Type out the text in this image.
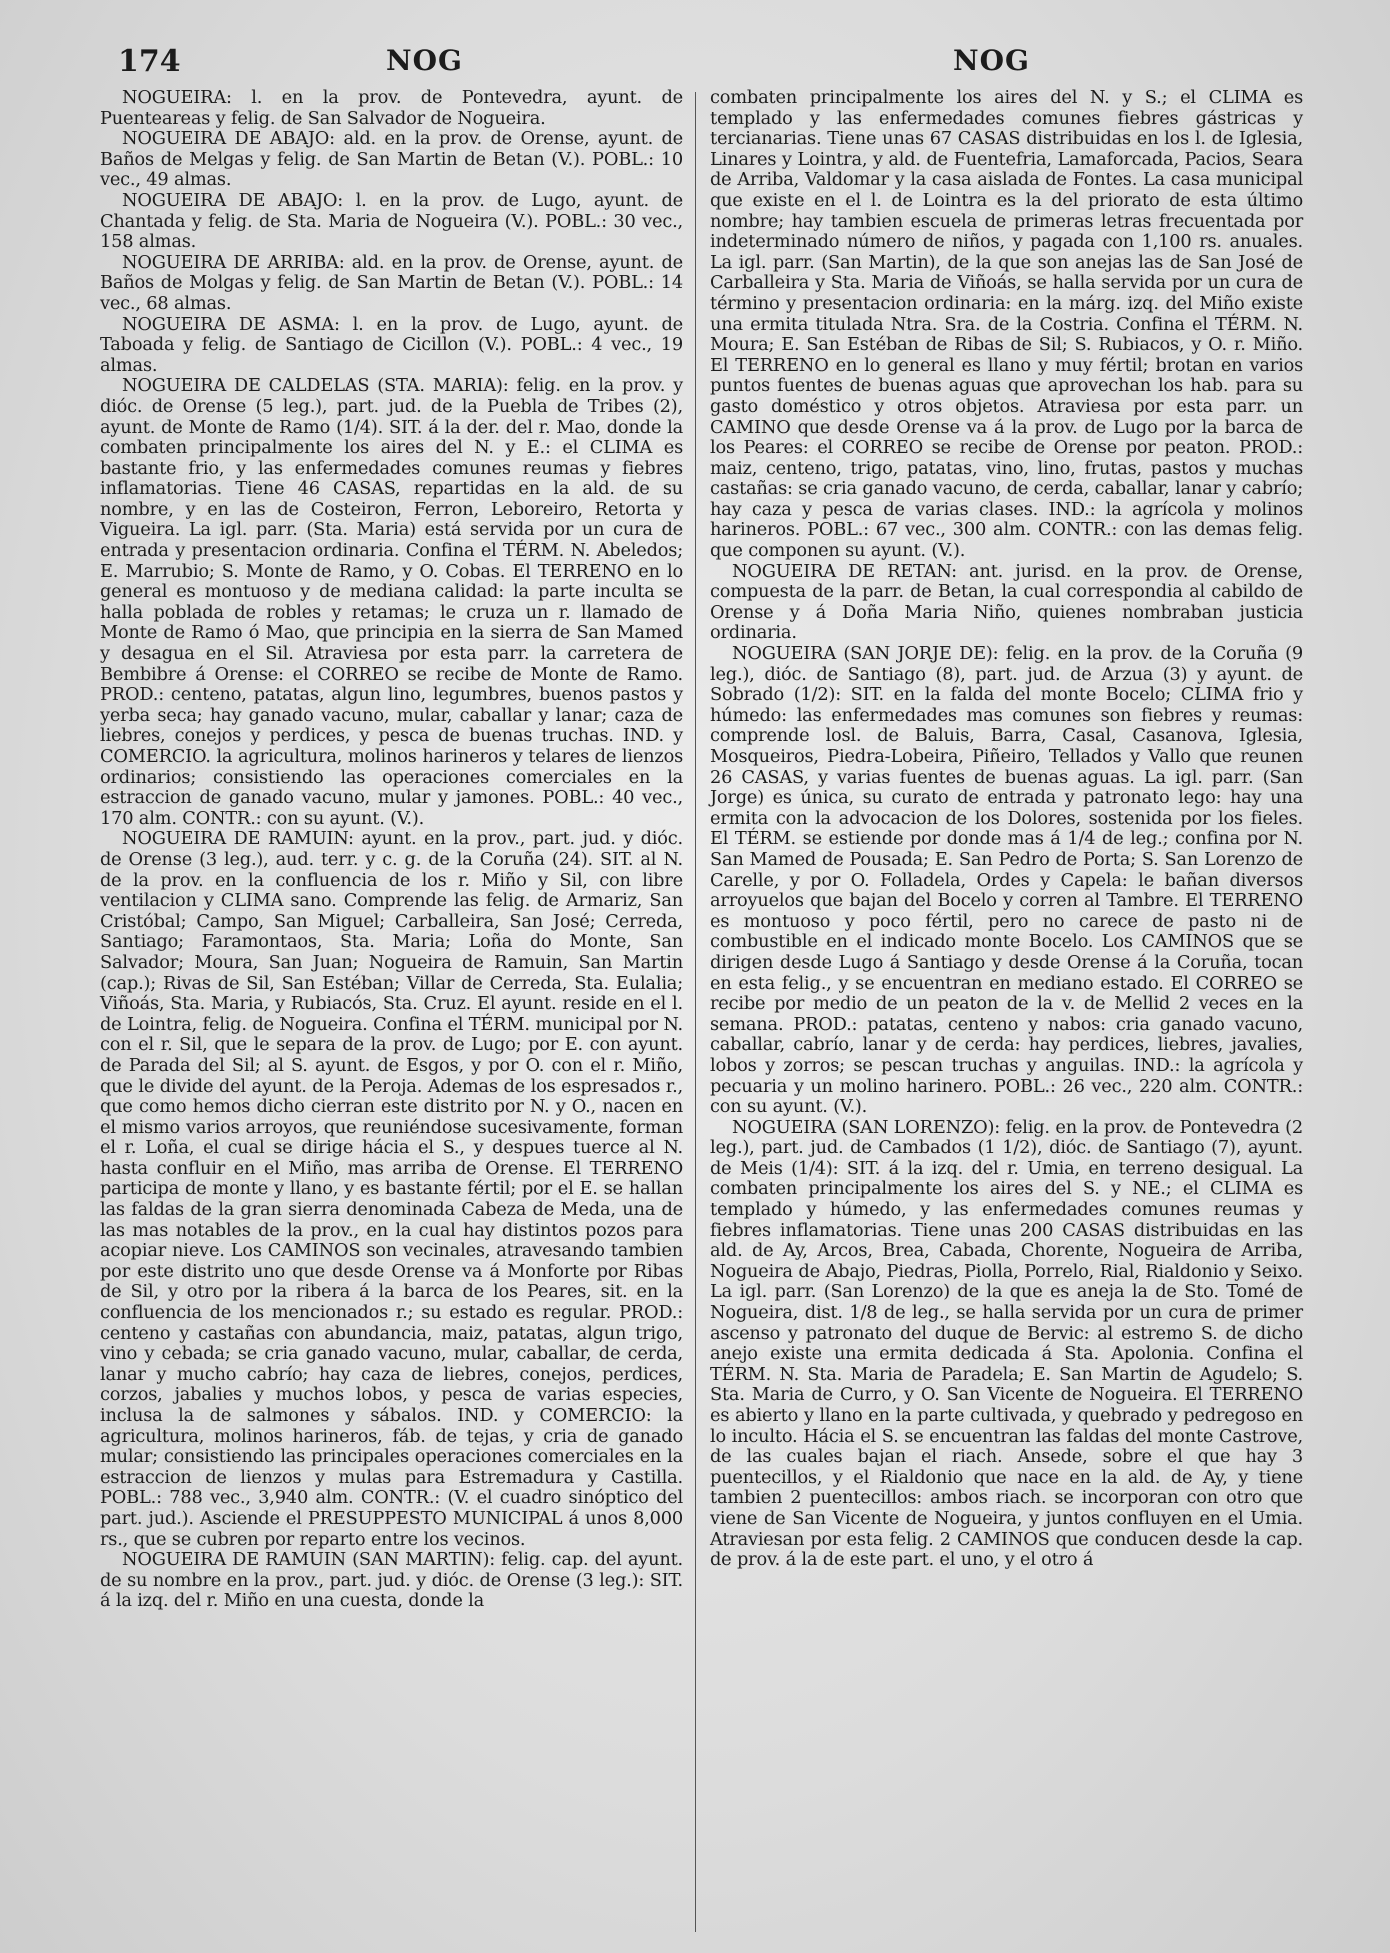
174	NOG	NOG

NOGUEIRA: l. en la prov. de Pontevedra, ayunt. de Puenteareas y felig. de San Salvador de Nogueira.

NOGUEIRA DE ABAJO: ald. en la prov. de Orense, ayunt. de Baños de Melgas y felig. de San Martin de Betan (V.). POBL.: 10 vec., 49 almas.

NOGUEIRA DE ABAJO: l. en la prov. de Lugo, ayunt. de Chantada y felig. de Sta. Maria de Nogueira (V.). POBL.: 30 vec., 158 almas.

NOGUEIRA DE ARRIBA: ald. en la prov. de Orense, ayunt. de Baños de Molgas y felig. de San Martin de Betan (V.). POBL.: 14 vec., 68 almas.

NOGUEIRA DE ASMA: l. en la prov. de Lugo, ayunt. de Taboada y felig. de Santiago de Cicillon (V.). POBL.: 4 vec., 19 almas.

NOGUEIRA DE CALDELAS (STA. MARIA): felig. en la prov. y dióc. de Orense (5 leg.), part. jud. de la Puebla de Tribes (2), ayunt. de Monte de Ramo (1/4). SIT. á la der. del r. Mao, donde la combaten principalmente los aires del N. y E.: el CLIMA es bastante frio, y las enfermedades comunes reumas y fiebres inflamatorias. Tiene 46 CASAS, repartidas en la ald. de su nombre, y en las de Costeiron, Ferron, Leboreiro, Retorta y Vigueira. La igl. parr. (Sta. Maria) está servida por un cura de entrada y presentacion ordinaria. Confina el TÉRM. N. Abeledos; E. Marrubio; S. Monte de Ramo, y O. Cobas. El TERRENO en lo general es montuoso y de mediana calidad: la parte inculta se halla poblada de robles y retamas; le cruza un r. llamado de Monte de Ramo ó Mao, que principia en la sierra de San Mamed y desagua en el Sil. Atraviesa por esta parr. la carretera de Bembibre á Orense: el CORREO se recibe de Monte de Ramo. PROD.: centeno, patatas, algun lino, legumbres, buenos pastos y yerba seca; hay ganado vacuno, mular, caballar y lanar; caza de liebres, conejos y perdices, y pesca de buenas truchas. IND. y COMERCIO. la agricultura, molinos harineros y telares de lienzos ordinarios; consistiendo las operaciones comerciales en la estraccion de ganado vacuno, mular y jamones. POBL.: 40 vec., 170 alm. CONTR.: con su ayunt. (V.).

NOGUEIRA DE RAMUIN: ayunt. en la prov., part. jud. y dióc. de Orense (3 leg.), aud. terr. y c. g. de la Coruña (24). SIT. al N. de la prov. en la confluencia de los r. Miño y Sil, con libre ventilacion y CLIMA sano. Comprende las felig. de Armariz, San Cristóbal; Campo, San Miguel; Carballeira, San José; Cerreda, Santiago; Faramontaos, Sta. Maria; Loña do Monte, San Salvador; Moura, San Juan; Nogueira de Ramuin, San Martin (cap.); Rivas de Sil, San Estéban; Villar de Cerreda, Sta. Eulalia; Viñoás, Sta. Maria, y Rubiacós, Sta. Cruz. El ayunt. reside en el l. de Lointra, felig. de Nogueira. Confina el TÉRM. municipal por N. con el r. Sil, que le separa de la prov. de Lugo; por E. con ayunt. de Parada del Sil; al S. ayunt. de Esgos, y por O. con el r. Miño, que le divide del ayunt. de la Peroja. Ademas de los espresados r., que como hemos dicho cierran este distrito por N. y O., nacen en el mismo varios arroyos, que reuniéndose sucesivamente, forman el r. Loña, el cual se dirige hácia el S., y despues tuerce al N. hasta confluir en el Miño, mas arriba de Orense. El TERRENO participa de monte y llano, y es bastante fértil; por el E. se hallan las faldas de la gran sierra denominada Cabeza de Meda, una de las mas notables de la prov., en la cual hay distintos pozos para acopiar nieve. Los CAMINOS son vecinales, atravesando tambien por este distrito uno que desde Orense va á Monforte por Ribas de Sil, y otro por la ribera á la barca de los Peares, sit. en la confluencia de los mencionados r.; su estado es regular. PROD.: centeno y castañas con abundancia, maiz, patatas, algun trigo, vino y cebada; se cria ganado vacuno, mular, caballar, de cerda, lanar y mucho cabrío; hay caza de liebres, conejos, perdices, corzos, jabalies y muchos lobos, y pesca de varias especies, inclusa la de salmones y sábalos. IND. y COMERCIO: la agricultura, molinos harineros, fáb. de tejas, y cria de ganado mular; consistiendo las principales operaciones comerciales en la estraccion de lienzos y mulas para Estremadura y Castilla. POBL.: 788 vec., 3,940 alm. CONTR.: (V. el cuadro sinóptico del part. jud.). Asciende el PRESUPPESTO MUNICIPAL á unos 8,000 rs., que se cubren por reparto entre los vecinos.

NOGUEIRA DE RAMUIN (SAN MARTIN): felig. cap. del ayunt. de su nombre en la prov., part. jud. y dióc. de Orense (3 leg.): SIT. á la izq. del r. Miño en una cuesta, donde la

combaten principalmente los aires del N. y S.; el CLIMA es templado y las enfermedades comunes fiebres gástricas y tercianarias. Tiene unas 67 CASAS distribuidas en los l. de Iglesia, Linares y Lointra, y ald. de Fuentefria, Lamaforcada, Pacios, Seara de Arriba, Valdomar y la casa aislada de Fontes. La casa municipal que existe en el l. de Lointra es la del priorato de esta último nombre; hay tambien escuela de primeras letras frecuentada por indeterminado número de niños, y pagada con 1,100 rs. anuales. La igl. parr. (San Martin), de la que son anejas las de San José de Carballeira y Sta. Maria de Viñoás, se halla servida por un cura de término y presentacion ordinaria: en la márg. izq. del Miño existe una ermita titulada Ntra. Sra. de la Costria. Confina el TÉRM. N. Moura; E. San Estéban de Ribas de Sil; S. Rubiacos, y O. r. Miño. El TERRENO en lo general es llano y muy fértil; brotan en varios puntos fuentes de buenas aguas que aprovechan los hab. para su gasto doméstico y otros objetos. Atraviesa por esta parr. un CAMINO que desde Orense va á la prov. de Lugo por la barca de los Peares: el CORREO se recibe de Orense por peaton. PROD.: maiz, centeno, trigo, patatas, vino, lino, frutas, pastos y muchas castañas: se cria ganado vacuno, de cerda, caballar, lanar y cabrío; hay caza y pesca de varias clases. IND.: la agrícola y molinos harineros. POBL.: 67 vec., 300 alm. CONTR.: con las demas felig. que componen su ayunt. (V.).

NOGUEIRA DE RETAN: ant. jurisd. en la prov. de Orense, compuesta de la parr. de Betan, la cual correspondia al cabildo de Orense y á Doña Maria Niño, quienes nombraban justicia ordinaria.

NOGUEIRA (SAN JORJE DE): felig. en la prov. de la Coruña (9 leg.), dióc. de Santiago (8), part. jud. de Arzua (3) y ayunt. de Sobrado (1/2): SIT. en la falda del monte Bocelo; CLIMA frio y húmedo: las enfermedades mas comunes son fiebres y reumas: comprende losl. de Baluis, Barra, Casal, Casanova, Iglesia, Mosqueiros, Piedra-Lobeira, Piñeiro, Tellados y Vallo que reunen 26 CASAS, y varias fuentes de buenas aguas. La igl. parr. (San Jorge) es única, su curato de entrada y patronato lego: hay una ermita con la advocacion de los Dolores, sostenida por los fieles. El TÉRM. se estiende por donde mas á 1/4 de leg.; confina por N. San Mamed de Pousada; E. San Pedro de Porta; S. San Lorenzo de Carelle, y por O. Folladela, Ordes y Capela: le bañan diversos arroyuelos que bajan del Bocelo y corren al Tambre. El TERRENO es montuoso y poco fértil, pero no carece de pasto ni de combustible en el indicado monte Bocelo. Los CAMINOS que se dirigen desde Lugo á Santiago y desde Orense á la Coruña, tocan en esta felig., y se encuentran en mediano estado. El CORREO se recibe por medio de un peaton de la v. de Mellid 2 veces en la semana. PROD.: patatas, centeno y nabos: cria ganado vacuno, caballar, cabrío, lanar y de cerda: hay perdices, liebres, javalies, lobos y zorros; se pescan truchas y anguilas. IND.: la agrícola y pecuaria y un molino harinero. POBL.: 26 vec., 220 alm. CONTR.: con su ayunt. (V.).

NOGUEIRA (SAN LORENZO): felig. en la prov. de Pontevedra (2 leg.), part. jud. de Cambados (1 1/2), dióc. de Santiago (7), ayunt. de Meis (1/4): SIT. á la izq. del r. Umia, en terreno desigual. La combaten principalmente los aires del S. y NE.; el CLIMA es templado y húmedo, y las enfermedades comunes reumas y fiebres inflamatorias. Tiene unas 200 CASAS distribuidas en las ald. de Ay, Arcos, Brea, Cabada, Chorente, Nogueira de Arriba, Nogueira de Abajo, Piedras, Piolla, Porrelo, Rial, Rialdonio y Seixo. La igl. parr. (San Lorenzo) de la que es aneja la de Sto. Tomé de Nogueira, dist. 1/8 de leg., se halla servida por un cura de primer ascenso y patronato del duque de Bervic: al estremo S. de dicho anejo existe una ermita dedicada á Sta. Apolonia. Confina el TÉRM. N. Sta. Maria de Paradela; E. San Martin de Agudelo; S. Sta. Maria de Curro, y O. San Vicente de Nogueira. El TERRENO es abierto y llano en la parte cultivada, y quebrado y pedregoso en lo inculto. Hácia el S. se encuentran las faldas del monte Castrove, de las cuales bajan el riach. Ansede, sobre el que hay 3 puentecillos, y el Rialdonio que nace en la ald. de Ay, y tiene tambien 2 puentecillos: ambos riach. se incorporan con otro que viene de San Vicente de Nogueira, y juntos confluyen en el Umia. Atraviesan por esta felig. 2 CAMINOS que conducen desde la cap. de prov. á la de este part. el uno, y el otro á
